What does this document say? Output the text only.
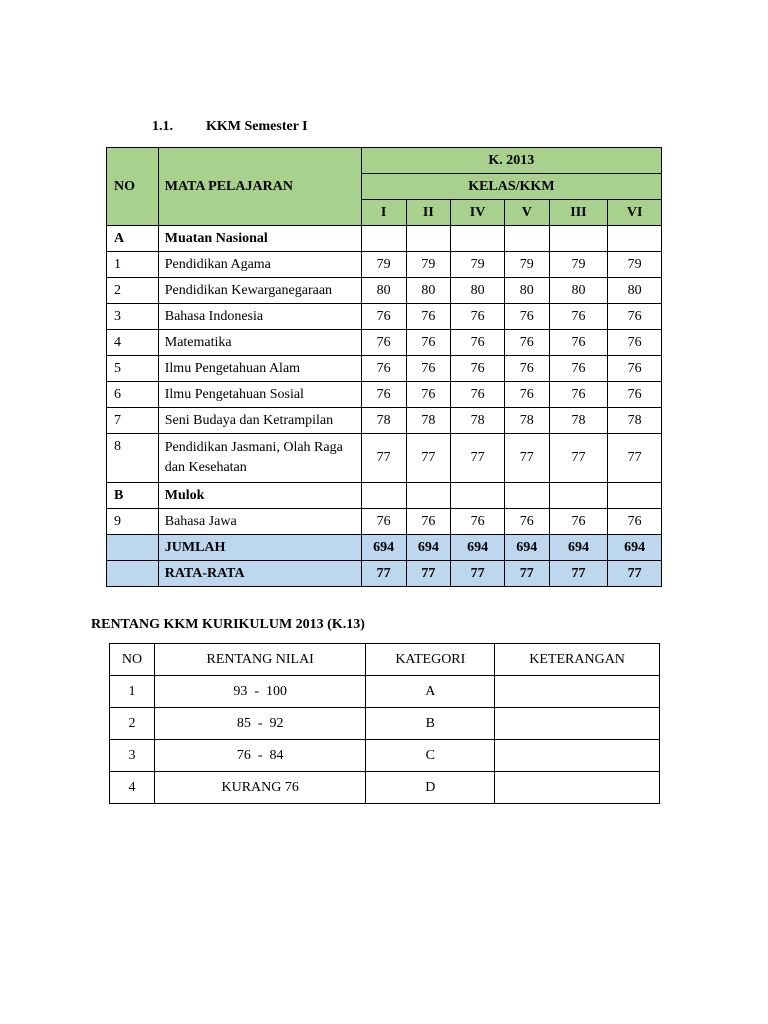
1.1. KKM Semester I
NO	MATA PELAJARAN	K. 2013					
		KELAS/KKM					
		I	II	IV	V	III	VI
A	Muatan Nasional						
1	Pendidikan Agama	79	79	79	79	79	79
2	Pendidikan Kewarganegaraan	80	80	80	80	80	80
3	Bahasa Indonesia	76	76	76	76	76	76
4	Matematika	76	76	76	76	76	76
5	Ilmu Pengetahuan Alam	76	76	76	76	76	76
6	Ilmu Pengetahuan Sosial	76	76	76	76	76	76
7	Seni Budaya dan Ketrampilan	78	78	78	78	78	78
8	Pendidikan Jasmani, Olah Raga dan Kesehatan	77	77	77	77	77	77
B	Mulok						
9	Bahasa Jawa	76	76	76	76	76	76
	JUMLAH	694	694	694	694	694	694
	RATA-RATA	77	77	77	77	77	77
RENTANG KKM KURIKULUM 2013 (K.13)
NO	RENTANG NILAI	KATEGORI	KETERANGAN
1	93  -  100	A	
2	85  -  92	B	
3	76  -  84	C	
4	KURANG 76	D	
